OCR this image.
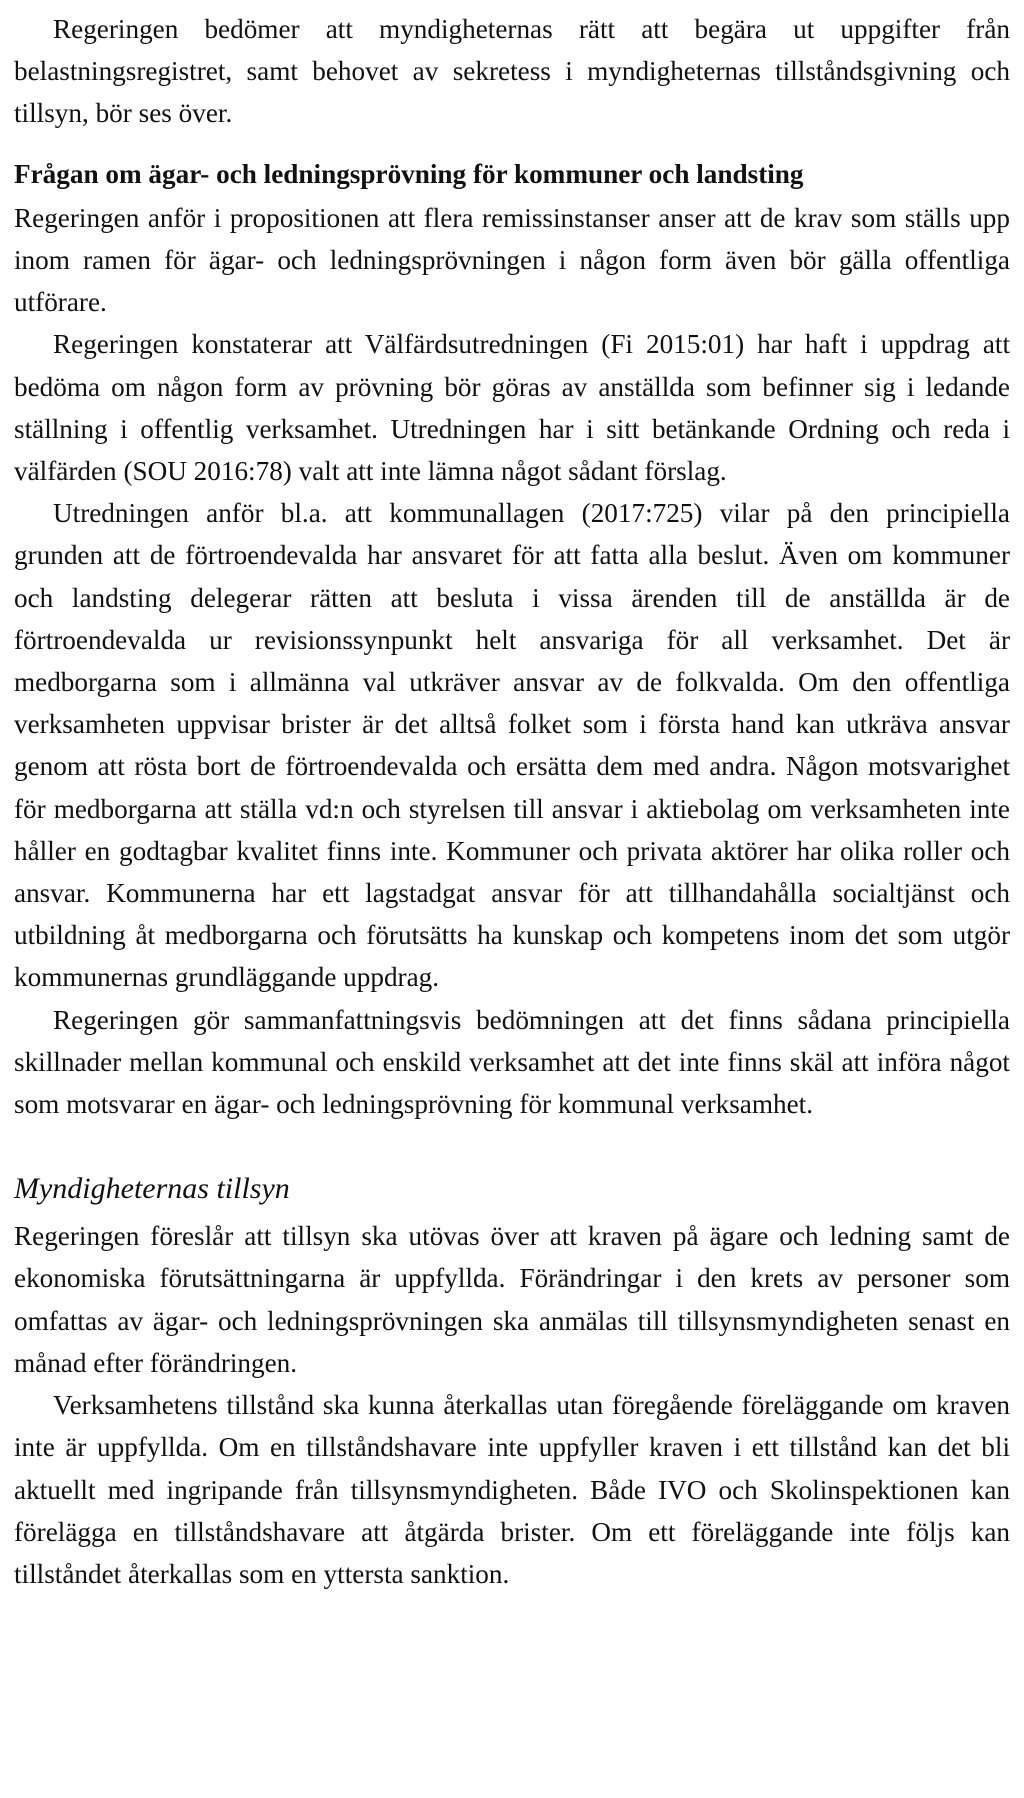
Regeringen bedömer att myndigheternas rätt att begära ut uppgifter från belastningsregistret, samt behovet av sekretess i myndigheternas tillståndsgivning och tillsyn, bör ses över.

Frågan om ägar- och ledningsprövning för kommuner och landsting

Regeringen anför i propositionen att flera remissinstanser anser att de krav som ställs upp inom ramen för ägar- och ledningsprövningen i någon form även bör gälla offentliga utförare.

Regeringen konstaterar att Välfärdsutredningen (Fi 2015:01) har haft i uppdrag att bedöma om någon form av prövning bör göras av anställda som befinner sig i ledande ställning i offentlig verksamhet. Utredningen har i sitt betänkande Ordning och reda i välfärden (SOU 2016:78) valt att inte lämna något sådant förslag.

Utredningen anför bl.a. att kommunallagen (2017:725) vilar på den principiella grunden att de förtroendevalda har ansvaret för att fatta alla beslut. Även om kommuner och landsting delegerar rätten att besluta i vissa ärenden till de anställda är de förtroendevalda ur revisionssynpunkt helt ansvariga för all verksamhet. Det är medborgarna som i allmänna val utkräver ansvar av de folkvalda. Om den offentliga verksamheten uppvisar brister är det alltså folket som i första hand kan utkräva ansvar genom att rösta bort de förtroendevalda och ersätta dem med andra. Någon motsvarighet för medborgarna att ställa vd:n och styrelsen till ansvar i aktiebolag om verksamheten inte håller en godtagbar kvalitet finns inte. Kommuner och privata aktörer har olika roller och ansvar. Kommunerna har ett lagstadgat ansvar för att tillhandahålla socialtjänst och utbildning åt medborgarna och förutsätts ha kunskap och kompetens inom det som utgör kommunernas grundläggande uppdrag.

Regeringen gör sammanfattningsvis bedömningen att det finns sådana principiella skillnader mellan kommunal och enskild verksamhet att det inte finns skäl att införa något som motsvarar en ägar- och ledningsprövning för kommunal verksamhet.

Myndigheternas tillsyn

Regeringen föreslår att tillsyn ska utövas över att kraven på ägare och ledning samt de ekonomiska förutsättningarna är uppfyllda. Förändringar i den krets av personer som omfattas av ägar- och ledningsprövningen ska anmälas till tillsynsmyndigheten senast en månad efter förändringen.

Verksamhetens tillstånd ska kunna återkallas utan föregående föreläggande om kraven inte är uppfyllda. Om en tillståndshavare inte uppfyller kraven i ett tillstånd kan det bli aktuellt med ingripande från tillsynsmyndigheten. Både IVO och Skolinspektionen kan förelägga en tillståndshavare att åtgärda brister. Om ett föreläggande inte följs kan tillståndet återkallas som en yttersta sanktion.
